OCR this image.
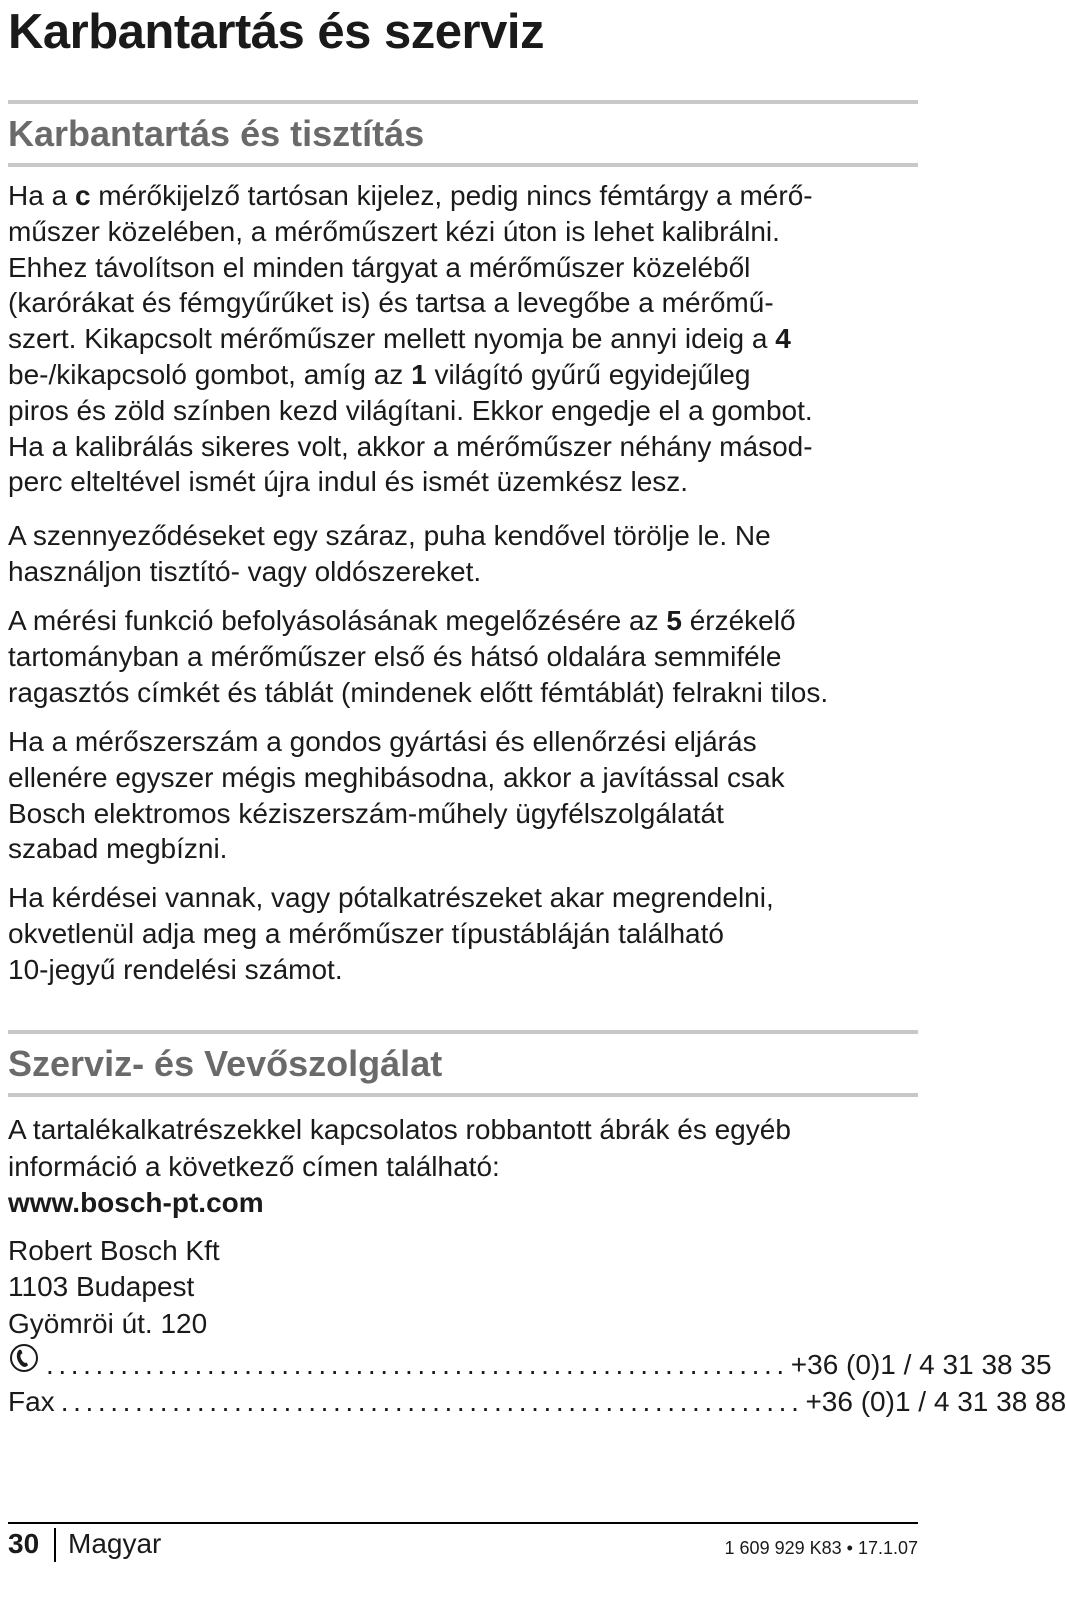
Karbantartás és szerviz
Karbantartás és tisztítás
Ha a c mérőkijelző tartósan kijelez, pedig nincs fémtárgy a mérő-
műszer közelében, a mérőműszert kézi úton is lehet kalibrálni.
Ehhez távolítson el minden tárgyat a mérőműszer közeléből
(karórákat és fémgyűrűket is) és tartsa a levegőbe a mérőmű-
szert. Kikapcsolt mérőműszer mellett nyomja be annyi ideig a 4
be-/kikapcsoló gombot, amíg az 1 világító gyűrű egyidejűleg
piros és zöld színben kezd világítani. Ekkor engedje el a gombot.
Ha a kalibrálás sikeres volt, akkor a mérőműszer néhány másod-
perc elteltével ismét újra indul és ismét üzemkész lesz.
A szennyeződéseket egy száraz, puha kendővel törölje le. Ne
használjon tisztító- vagy oldószereket.
A mérési funkció befolyásolásának megelőzésére az 5 érzékelő
tartományban a mérőműszer első és hátsó oldalára semmiféle
ragasztós címkét és táblát (mindenek előtt fémtáblát) felrakni tilos.
Ha a mérőszerszám a gondos gyártási és ellenőrzési eljárás
ellenére egyszer mégis meghibásodna, akkor a javítással csak
Bosch elektromos kéziszerszám-műhely ügyfélszolgálatát
szabad megbízni.
Ha kérdései vannak, vagy pótalkatrészeket akar megrendelni,
okvetlenül adja meg a mérőműszer típustábláján található
10-jegyű rendelési számot.
Szerviz- és Vevőszolgálat
A tartalékalkatrészekkel kapcsolatos robbantott ábrák és egyéb
információ a következő címen található:
www.bosch-pt.com
Robert Bosch Kft
1103 Budapest
Gyömröi út. 120
............................................................ +36 (0)1 / 4 31 38 35
Fax ............................................................ +36 (0)1 / 4 31 38 88
30 Magyar	1 609 929 K83 • 17.1.07
